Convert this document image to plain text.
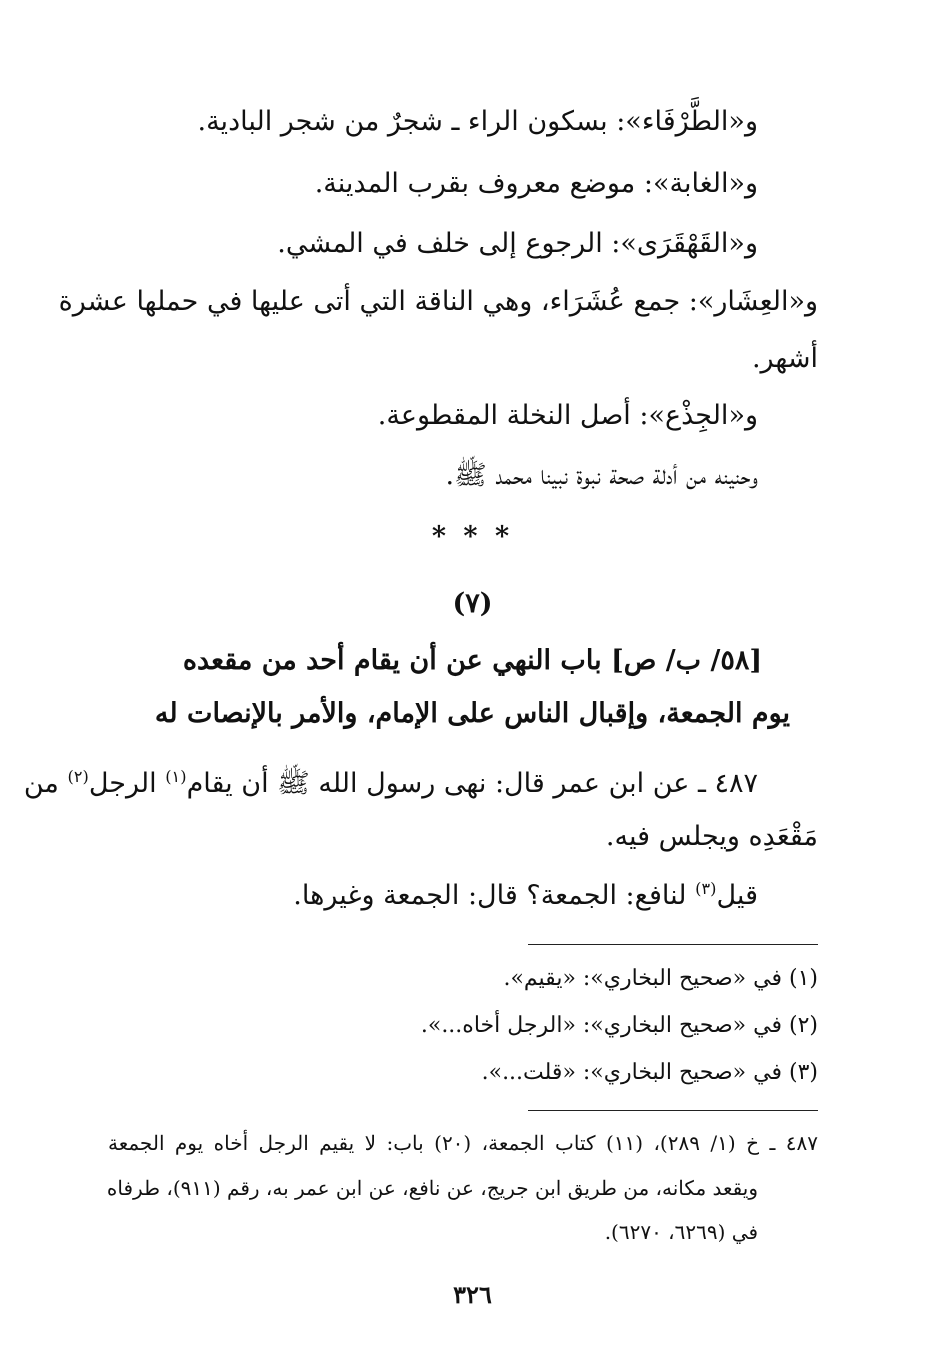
و«الطَّرْفَاء»: بسكون الراء ـ شجرٌ من شجر البادية.
و«الغابة»: موضع معروف بقرب المدينة.
و«القَهْقَرَى»: الرجوع إلى خلف في المشي.
و«العِشَار»: جمع عُشَرَاء، وهي الناقة التي أتى عليها في حملها عشرة
أشهر.
و«الجِذْع»: أصل النخلة المقطوعة.
وحنينه من أدلة صحة نبوة نبينا محمد ﷺ.
* * *
(٧)
[٥٨/ ب/ ص] باب النهي عن أن يقام أحد من مقعده
يوم الجمعة، وإقبال الناس على الإمام، والأمر بالإنصات له
٤٨٧ ـ عن ابن عمر قال: نهى رسول الله ﷺ أن يقام$^{(١)}$ الرجل$^{(٢)}$ من
مَقْعَدِه ويجلس فيه.
قيل$^{(٣)}$ لنافع: الجمعة؟ قال: الجمعة وغيرها.
(١) في «صحيح البخاري»: «يقيم».
(٢) في «صحيح البخاري»: «الرجل أخاه...».
(٣) في «صحيح البخاري»: «قلت...».
٤٨٧ ـ خ (١/ ٢٨٩)، (١١) كتاب الجمعة، (٢٠) باب: لا يقيم الرجل أخاه يوم الجمعة
ويقعد مكانه، من طريق ابن جريج، عن نافع، عن ابن عمر به، رقم (٩١١)، طرفاه
في (٦٢٦٩، ٦٢٧٠).
٣٢٦
